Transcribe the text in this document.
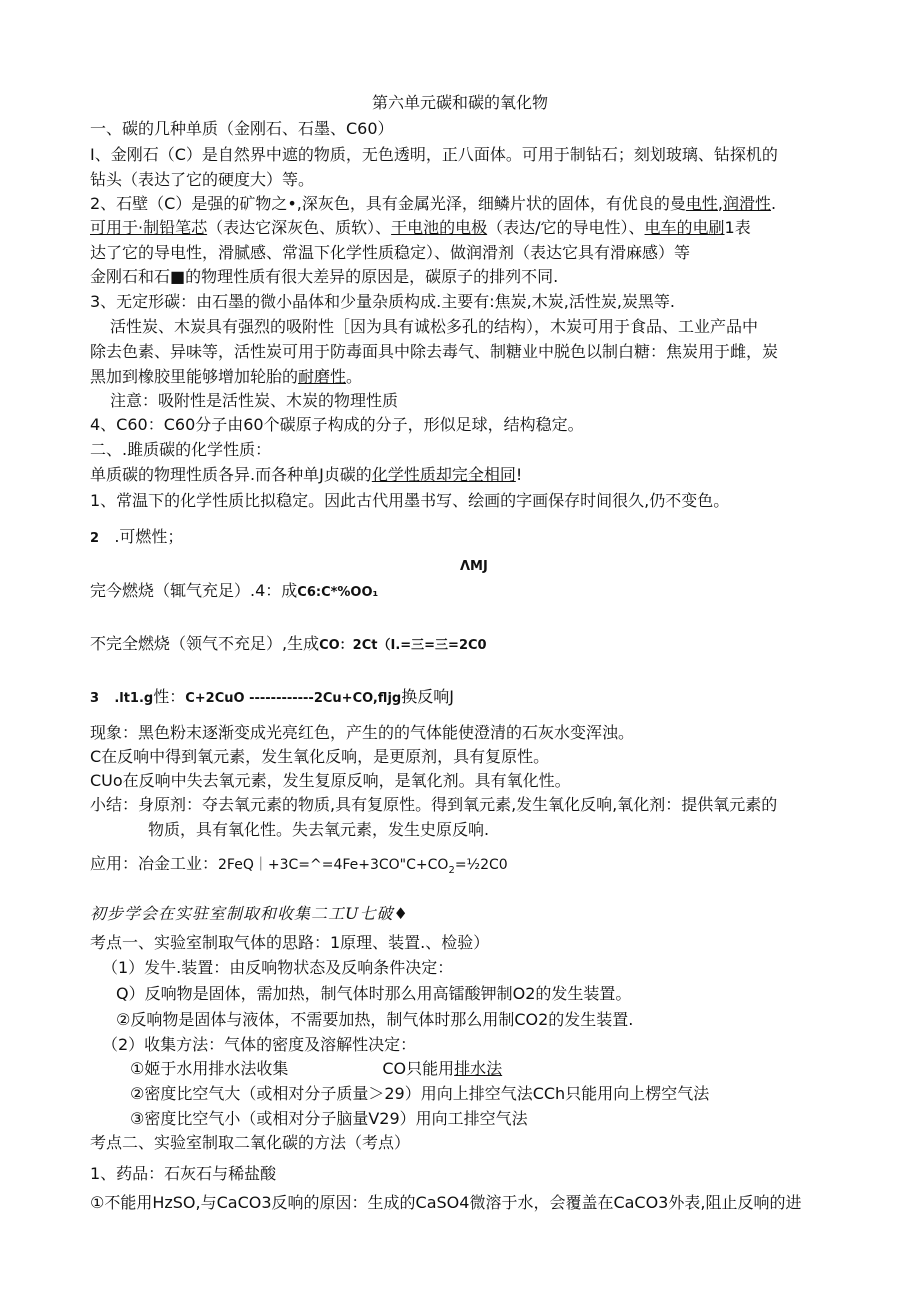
第六单元碳和碳的氧化物
一、碳的几种单质（金刚石、石墨、C60）
I、金刚石（C）是自然界中遮的物质，无色透明，正八面体。可用于制钻石；刻划玻璃、钻探机的
钻头（表达了它的硬度大）等。
2、石壁（C）是强的矿物之•,深灰色，具有金属光泽，细鳞片状的固体，有优良的曼电性,润滑性.
可用于·制铅笔芯（表达它深灰色、质软）、干电池的电极（表达/它的导电性）、电车的电刷1表
达了它的导电性，滑腻感、常温下化学性质稳定）、做润滑剂（表达它具有滑麻感）等
金刚石和石■的物理性质有很大差异的原因是，碳原子的排列不同.
3、无定形碳：由石墨的微小晶体和少量杂质构成.主要有:焦炭,木炭,活性炭,炭黑等.
活性炭、木炭具有强烈的吸附性［因为具有诚松多孔的结构），木炭可用于食品、工业产品中
除去色素、异味等，活性炭可用于防毒面具中除去毒气、制糖业中脱色以制白糖：焦炭用于雌，炭
黑加到橡胶里能够增加轮胎的耐磨性。
注意：吸附性是活性炭、木炭的物理性质
4、C60：C60分子由60个碳原子构成的分子，形似足球，结构稳定。
二、.雎质碳的化学性质：
单质碳的物理性质各异.而各种单J贞碳的化学性质却完全相同!
1、常温下的化学性质比拟稳定。因此古代用墨书写、绘画的字画保存时间很久,仍不变色。
2 .可燃性；
ΛMJ
完今燃烧（辄气充足）.4：成C6:C*%OO₁
不完全燃烧（领气不充足）,生成CO：2Ct（I.=三=三=2C0
3 .lt1.g性：C+2CuO ------------2Cu+CO,flјg换反响J
现象：黑色粉末逐渐变成光亮红色，产生的的气体能使澄清的石灰水变浑浊。
C在反响中得到氧元素，发生氧化反响，是更原剂，具有复原性。
CUo在反响中失去氧元素，发生复原反响，是氧化剂。具有氧化性。
小结：身原剂：夺去氧元素的物质,具有复原性。得到氧元素,发生氧化反响,氧化剂：提供氧元素的
物质，具有氧化性。失去氧元素，发生史原反响.
应用：冶金工业：$2FeQ|+3C=\^{}=4Fe+3CO"C+CO_2=\frac{1}{2}2C0$
初步学会在实驻室制取和收集二工U七破♦
考点一、实验室制取气体的思路：1原理、装置.、检验）
（1）发牛.装置：由反响物状态及反响条件决定：
Q）反响物是固体，需加热，制气体时那么用高镭酸钾制O2的发生装置。
②反响物是固体与液体，不需要加热，制气体时那么用制CO2的发生装置.
（2）收集方法：气体的密度及溶解性决定：
①姬于水用排水法收集	CO只能用排水法
②密度比空气大（或相对分子质量＞29）用向上排空气法CCh只能用向上楞空气法
③密度比空气小（或相对分子脑量V29）用向工排空气法
考点二、实验室制取二氧化碳的方法（考点）
1、药品：石灰石与稀盐酸
①不能用HzSO,与CaCO3反响的原因：生成的CaSO4微溶于水，会覆盖在CaCO3外表,阻止反响的进
